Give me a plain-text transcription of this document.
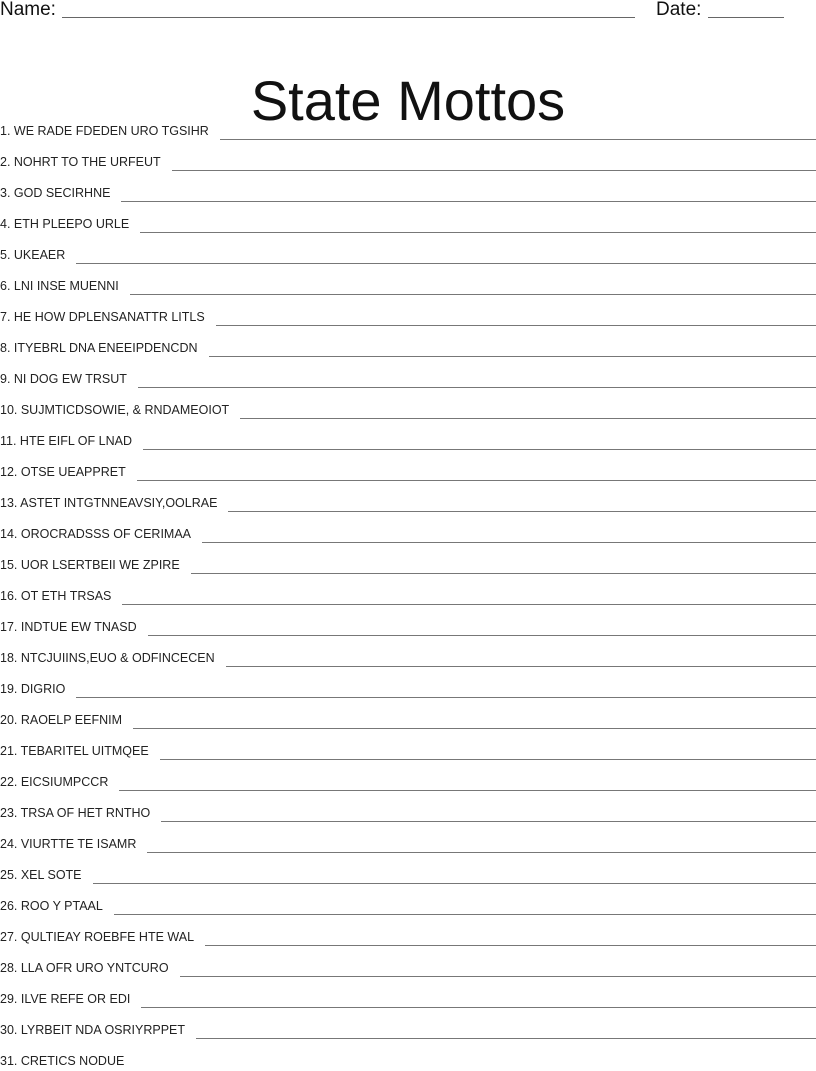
Name:	Date:
State Mottos
1. WE RADE FDEDEN URO TGSIHR
2. NOHRT TO THE URFEUT
3. GOD SECIRHNE
4. ETH PLEEPO URLE
5. UKEAER
6. LNI INSE MUENNI
7. HE HOW DPLENSANATTR LITLS
8. ITYEBRL DNA ENEEIPDENCDN
9. NI DOG EW TRSUT
10. SUJMTICDSOWIE, & RNDAMEOIOT
11. HTE EIFL OF LNAD
12. OTSE UEAPPRET
13. ASTET INTGTNNEAVSIY,OOLRAE
14. OROCRADSSS OF CERIMAA
15. UOR LSERTBEII WE ZPIRE
16. OT ETH TRSAS
17. INDTUE EW TNASD
18. NTCJUIINS,EUO & ODFINCECEN
19. DIGRIO
20. RAOELP EEFNIM
21. TEBARITEL UITMQEE
22. EICSIUMPCCR
23. TRSA OF HET RNTHO
24. VIURTTE TE ISAMR
25. XEL SOTE
26. ROO Y PTAAL
27. QULTIEAY ROEBFE HTE WAL
28. LLA OFR URO YNTCURO
29. ILVE REFE OR EDI
30. LYRBEIT NDA OSRIYRPPET
31. CRETICS NODUE
